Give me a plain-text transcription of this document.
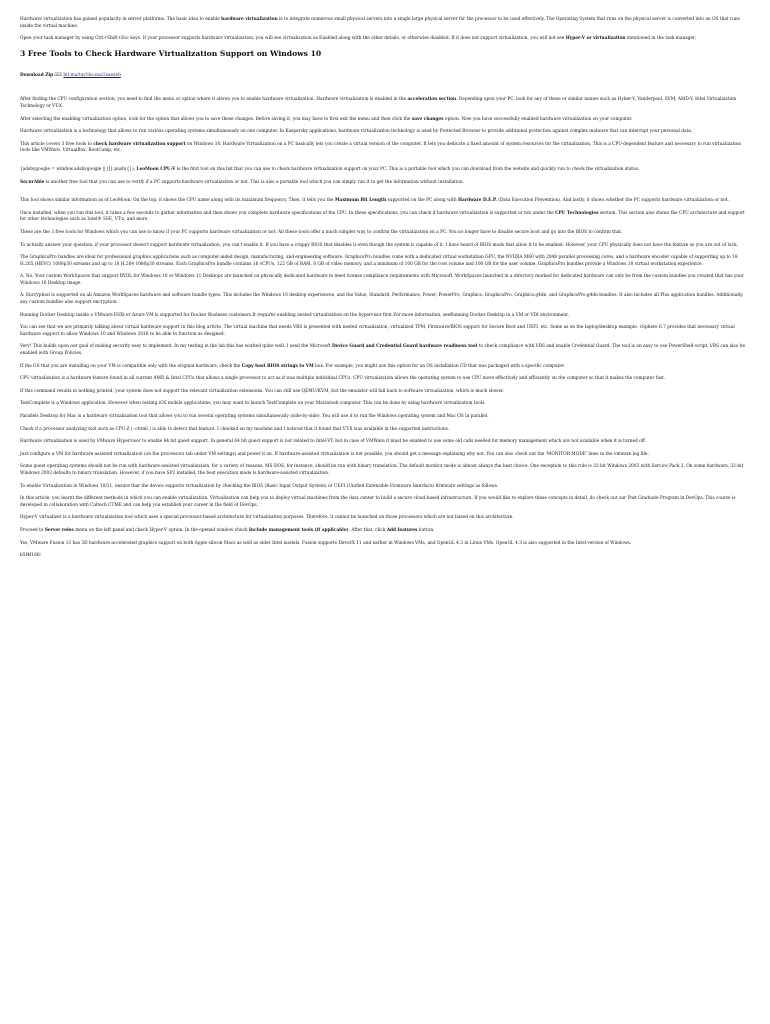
Hardware virtualization has gained popularity in server platforms. The basic idea to enable hardware virtualization is to integrate numerous small physical servers into a single large physical server for the processor to be used effectively. The Operating System that runs on the physical server is converted into an OS that runs inside the virtual machine.

Open your task manager by using Ctrl+Shift+Esc keys. If your processor supports hardware virtualization, you will see virtualization as Enabled along with the other details, or otherwise disabled. If it does not support virtualization, you will not see Hyper-V or virtualization mentioned in the task manager.

3 Free Tools to Check Hardware Virtualization Support on Windows 10

Download Zip ☑☑ bit.ma/tuv1bo.ma/2saexeh

After finding the CPU configuration section, you need to find the menu or option where it allows you to enable hardware virtualization. Hardware virtualization is enabled in the acceleration section. Depending upon your PC, look for any of these or similar names such as Hyber-V, Vanderpool, SVM, AMD-V, Intel Virtualization Technology or VT-X.

After selecting the enabling virtualization option, look for the option that allows you to save these changes. Before saving it, you may have to first exit the menu and then click the save changes option. Now you have successfully enabled hardware virtualization on your computer.

Hardware virtualization is a technology that allows to run various operating systems simultaneously on one computer. In Kaspersky applications, hardware virtualization technology is used by Protected Browser to provide additional protection against complex malware that can interrupt your personal data.

This article covers 3 free tools to check hardware virtualization support on Windows 10. Hardware Virtualization on a PC basically lets you create a virtual version of the computer. It lets you dedicate a fixed amount of system resources for the virtualization. This is a CPU-dependent feature and necessary to run virtualization tools like VMWare, VirtualBox, BootCamp, etc.

{adsbygoogle = window.adsbygoogle || []}.push({}); LeoMoon CPU-V is the first tool on this list that you can use to check hardware virtualization support on your PC. This is a portable tool which you can download from the website and quickly run to check the virtualization status.

SecurAble is another free tool that you can use to verify if a PC supports hardware virtualization or not. This is also a portable tool which you can simply run it to get the information without installation.

This tool shows similar information as of LeoMoon. On the top, it shows the CPU name along with its maximum frequency. Then, it tells you the Maximum Bit Length supported on the PC along with Hardware D.E.P. (Data Execution Prevention). And lastly, it shows whether the PC supports hardware virtualization or not.

Once installed, when you run this tool, it takes a few seconds to gather information and then shows you complete hardware specifications of the CPU. In these specifications, you can check if hardware virtualization is supported or not under the CPU Technologies section. This section also shows the CPU architecture and support for other technologies such as Intel® SSE, VT-x, and more.

These are the 3 free tools for Windows which you can use to know if your PC supports hardware virtualization or not. All these tools offer a much simpler way to confirm the virtualization on a PC. You no longer have to disable secure boot and go into the BIOS to confirm that.

To actually answer your question, if your processor doesn't support hardware virtualization, you can't enable it. If you have a crappy BIOS that disables it even though the system is capable of it, I have heard of BIOS mods that allow it to be enabled. However, your CPU physically does not have the feature so you are out of luck.

The GraphicsPro bundles are ideal for professional graphics applications such as computer-aided design, manufacturing, and engineering software. GraphicsPro bundles come with a dedicated virtual workstation GPU, the NVIDIA M60 with 2048 parallel processing cores, and a hardware encoder capable of supporting up to 18 H.265 (HEVC) 1080p30 streams and up to 18 H.264 1080p30 streams. Each GraphicsPro bundle contains 16 vCPUs, 122 GB of RAM, 8 GB of video memory, and a minimum of 100 GB for the root volume and 100 GB for the user volume. GraphicsPro bundles provide a Windows 10 virtual workstation experience.

A. No. Your custom WorkSpaces that support BYOL for Windows 10 or Windows 11 Desktops are launched on physically dedicated hardware to meet license compliance requirements with Microsoft. WorkSpaces launched in a directory marked for dedicated hardware can only be from the custom bundles you created that has your Windows 10 Desktop image.

A: Encryption is supported on all Amazon WorkSpaces hardware and software bundle types. This includes the Windows 10 desktop experiences, and the Value, Standard, Performance, Power, PowerPro, Graphics, GraphicsPro, Graphics.g4dn, and GraphicsPro.g4dn bundles. It also includes all Plus application bundles. Additionally, any custom bundles also support encryption.

Running Docker Desktop inside a VMware ESXi or Azure VM is supported for Docker Business customers.It requires enabling nested virtualization on the hypervisor first.For more information, seeRunning Docker Desktop in a VM or VDI environment.

You can see that we are primarily talking about virtual hardware support in this blog article. The virtual machine that needs VBS is presented with nested virtualization, virtualized TPM, Firmware/BIOS support for Secure Boot and UEFI, etc. Some as on the laptop/desktop example. vSphere 6.7 provides that necessary virtual hardware support to allow Windows 10 and Windows 2016 to be able to function as designed.

Very! This builds upon our goal of making security easy to implement. In my testing in the lab this has worked quite well. I used the Microsoft Device Guard and Credential Guard hardware readiness tool to check compliance with VBS and enable Credential Guard. The tool is an easy to use PowerShell script. VBS can also be enabled with Group Policies.

If the OS that you are installing on your VM is compatible only with the original hardware, check the Copy host BIOS strings to VM box. For example, you might use this option for an OS installation CD that was packaged with a specific computer.

CPU virtualization is a hardware feature found in all current AMD & Intel CPUs that allows a single processor to act as it was multiple individual CPUs. CPU virtualization allows the operating system to use CPU more effectively and efficiently on the computer so that it makes the computer fast.

If this command results in nothing printed, your system does not support the relevant virtualization extensions. You can still use QEMU/KVM, but the emulator will fall back to software virtualization, which is much slower.

TestComplete is a Windows application. However when testing iOS mobile applications, you may want to launch TestComplete on your Macintosh computer. This can be done by using hardware virtualization tools.

Parallels Desktop for Mac is a hardware virtualization tool that allows you to run several operating systems simultaneously (side-by-side). You will use it to run the Windows operating system and Mac OS in parallel.

Check if a processor analyzing tool such as CPU-Z (.-chtml ) is able to detect that feature. I checked on my machine and I noticed that it found that VT-X was available in the supported instructions.

Hardware virtualization is used by VMware Hypervisor to enable 64 bit guest support. In general 64 bit guest support is not related to Intel-VT, but in case of VMWare it must be enabled to use some old calls needed for memory management which are not available when it is turned off.

Just configure a VM for hardware-assisted virtualization (on the processors tab under VM settings) and power it on. If hardware-assisted virtualization is not possible, you should get a message explaining why not. You can also check out the 'MONITOR MODE' lines in the vmware.log file.

Some guest operating systems should not be run with hardware-assisted virtualization, for a variety of reasons. MS-DOS, for instance, should be run with binary translation. The default monitor mode is almost always the best choice. One exception to this rule is 32-bit Windows 2003 with Service Pack 2. On some hardware, 32-bit Windows 2003 defaults to binary translation. However, if you have SP2 installed, the best execution mode is hardware-assisted virtualization.

To enable Virtualization in Windows 10/11, ensure that the device supports virtualization by checking the BIOS (Basic Input Output System) or UEFI (Unified Extensible Firmware Interface) firmware settings as follows.

In this article, you learnt the different methods in which you can enable virtualization. Virtualization can help you to deploy virtual machines from the data center to build a secure cloud-based infrastructure. If you would like to explore these concepts in detail, do check out our Post Graduate Program in DevOps. This course is developed in collaboration with Caltech CTME and can help you establish your career in the field of DevOps.

Hyper-V virtualizer is a hardware virtualization tool which uses a special processor-based architecture for virtualization purposes. Therefore, it cannot be launched on those processors which are not based on this architecture.

Proceed to Server roles menu on the left panel and check Hyper-V option. In the opened window check Include management tools (if applicable). After that, click Add features button.

Yes, VMware Fusion 13 has 3D hardware-accelerated graphics support on both Apple silicon Macs as well as older Intel models. Fusion supports DirectX 11 and earlier in Windows VMs, and OpenGL 4.3 in Linux VMs. OpenGL 4.3 is also supported in the Intel-version of Windows.

b5f4f18fc
